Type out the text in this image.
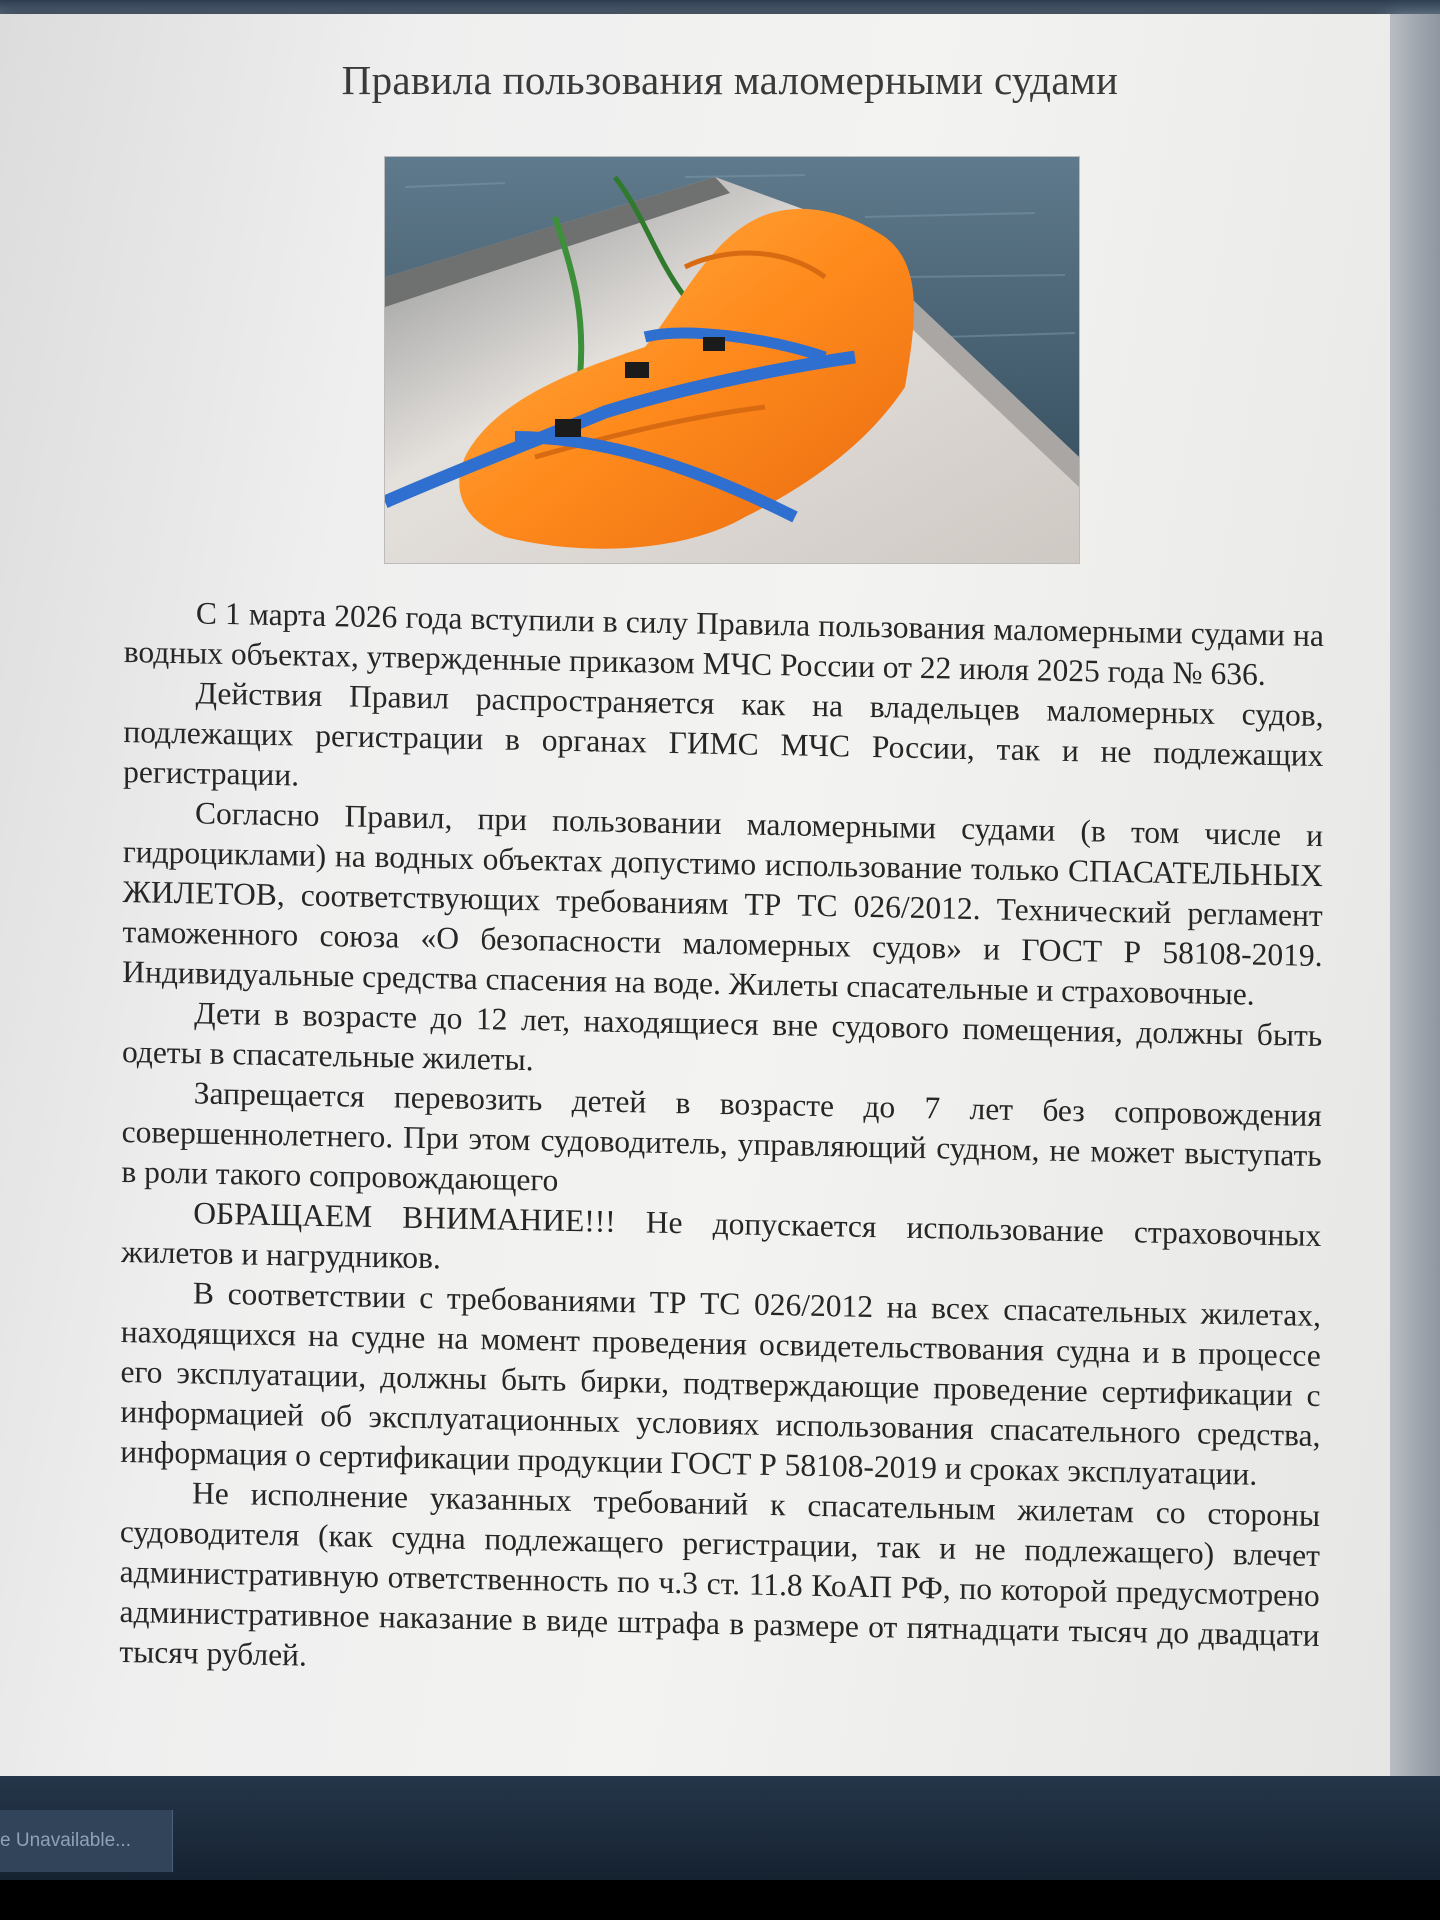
Правила пользования маломерными судами

С 1 марта 2026 года вступили в силу Правила пользования маломерными судами на водных объектах, утвержденные приказом МЧС России от 22 июля 2025 года № 636.

Действия Правил распространяется как на владельцев маломерных судов, подлежащих регистрации в органах ГИМС МЧС России, так и не подлежащих регистрации.

Согласно Правил, при пользовании маломерными судами (в том числе и гидроциклами) на водных объектах допустимо использование только СПАСАТЕЛЬНЫХ ЖИЛЕТОВ, соответствующих требованиям ТР ТС 026/2012. Технический регламент таможенного союза «О безопасности маломерных судов» и ГОСТ Р 58108-2019. Индивидуальные средства спасения на воде. Жилеты спасательные и страховочные.

Дети в возрасте до 12 лет, находящиеся вне судового помещения, должны быть одеты в спасательные жилеты.

Запрещается перевозить детей в возрасте до 7 лет без сопровождения совершеннолетнего. При этом судоводитель, управляющий судном, не может выступать в роли такого сопровождающего

ОБРАЩАЕМ ВНИМАНИЕ!!! Не допускается использование страховочных жилетов и нагрудников.

В соответствии с требованиями ТР ТС 026/2012 на всех спасательных жилетах, находящихся на судне на момент проведения освидетельствования судна и в процессе его эксплуатации, должны быть бирки, подтверждающие проведение сертификации с информацией об эксплуатационных условиях использования спасательного средства, информация о сертификации продукции ГОСТ Р 58108-2019 и сроках эксплуатации.

Не исполнение указанных требований к спасательным жилетам со стороны судоводителя (как судна подлежащего регистрации, так и не подлежащего) влечет административную ответственность по ч.3 ст. 11.8 КоАП РФ, по которой предусмотрено административное наказание в виде штрафа в размере от пятнадцати тысяч до двадцати тысяч рублей.

e Unavailable...
